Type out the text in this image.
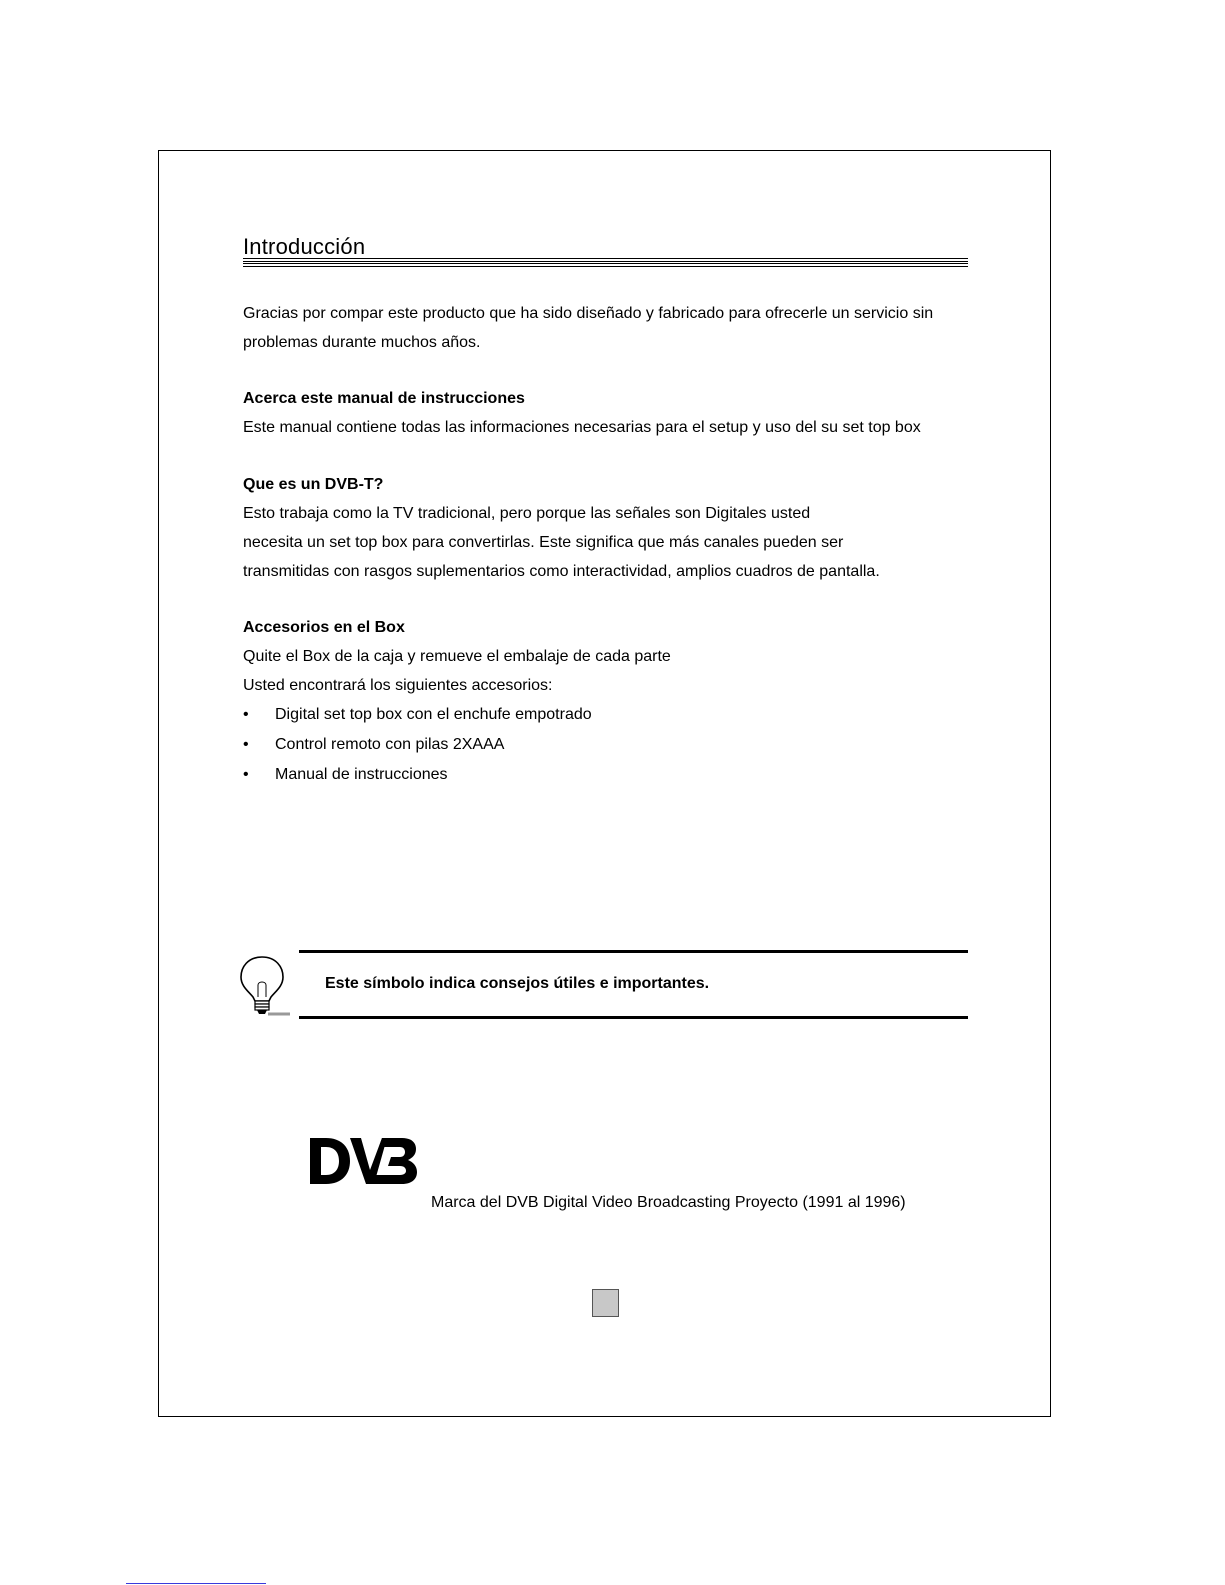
Introducción
Gracias por compar este producto que ha sido diseñado y fabricado para ofrecerle un servicio sin
problemas durante muchos años.
Acerca este manual de instrucciones
Este manual contiene todas las informaciones necesarias para el setup y uso del su set top box
Que es un DVB-T?
Esto trabaja como la TV tradicional, pero porque las señales son Digitales usted
necesita un set top box para convertirlas. Este significa que más canales pueden ser
transmitidas con rasgos suplementarios como interactividad, amplios cuadros de pantalla.
Accesorios en el Box
Quite el Box de la caja y remueve el embalaje de cada parte
Usted encontrará los siguientes accesorios:
• Digital set top box con el enchufe empotrado
• Control remoto con pilas 2XAAA
• Manual de instrucciones
Este símbolo indica consejos útiles e importantes.
Marca del DVB Digital Video Broadcasting Proyecto (1991 al 1996)
